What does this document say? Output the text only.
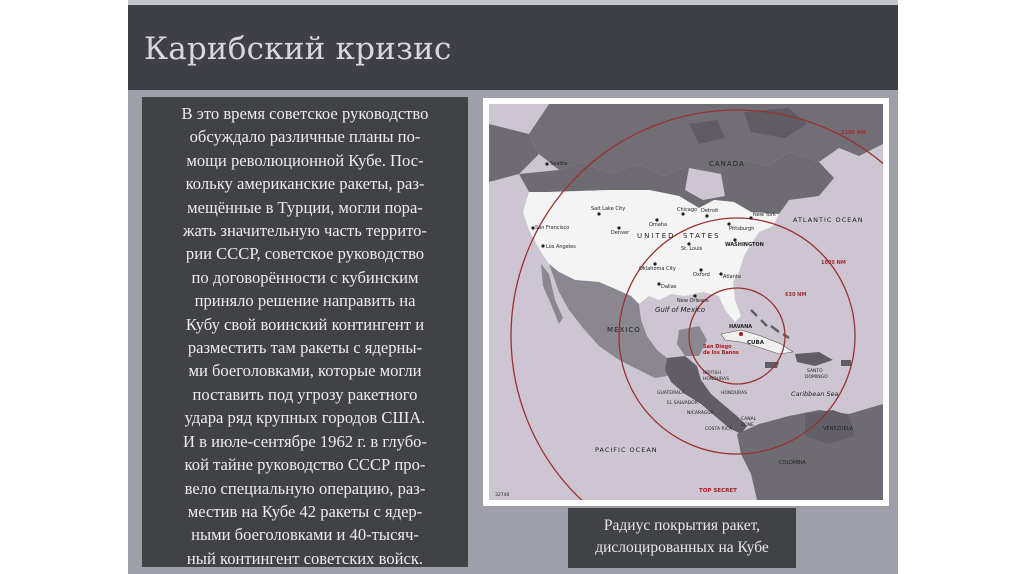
Карибский кризис

В это время советское руководство
обсуждало различные планы по-
мощи революционной Кубе. Пос-
кольку американские ракеты, раз-
мещённые в Турции, могли пора-
жать значительную часть террито-
рии СССР, советское руководство
по договорённости с кубинским
приняло решение направить на
Кубу свой воинский контингент и
разместить там ракеты с ядерны-
ми боеголовками, которые могли
поставить под угрозу ракетного
удара ряд крупных городов США.
И в июле-сентябре 1962 г. в глубо-
кой тайне руководство СССР про-
вело специальную операцию, раз-
местив на Кубе 42 ракеты с ядер-
ными боеголовками и 40-тысяч-
ный контингент советских войск.

Seattle
San Francisco
Los Angeles
Salt Lake City
Denver
Omaha
Chicago Detroit
Pittsburgh
New York
WASHINGTON
St. Louis
Oklahoma City
Dallas
Oxford	Atlanta
New Orleans
HAVANA
San Diego
de los Banos
CANADA
UNITED STATES
MEXICO
ATLANTIC OCEAN
PACIFIC OCEAN
Gulf of Mexico
Caribbean Sea
CUBA
BRITISH
HONDURAS
HONDURAS
GUATEMALA
EL SALVADOR
NICARAGUA
COSTA RICA
CANAL
ZONE
COLOMBIA
VENEZUELA
SANTO
DOMINGO
2200 NM
1020 NM
630 NM
TOP SECRET
32740
Радиус покрытия ракет,
дислоцированных на Кубе
